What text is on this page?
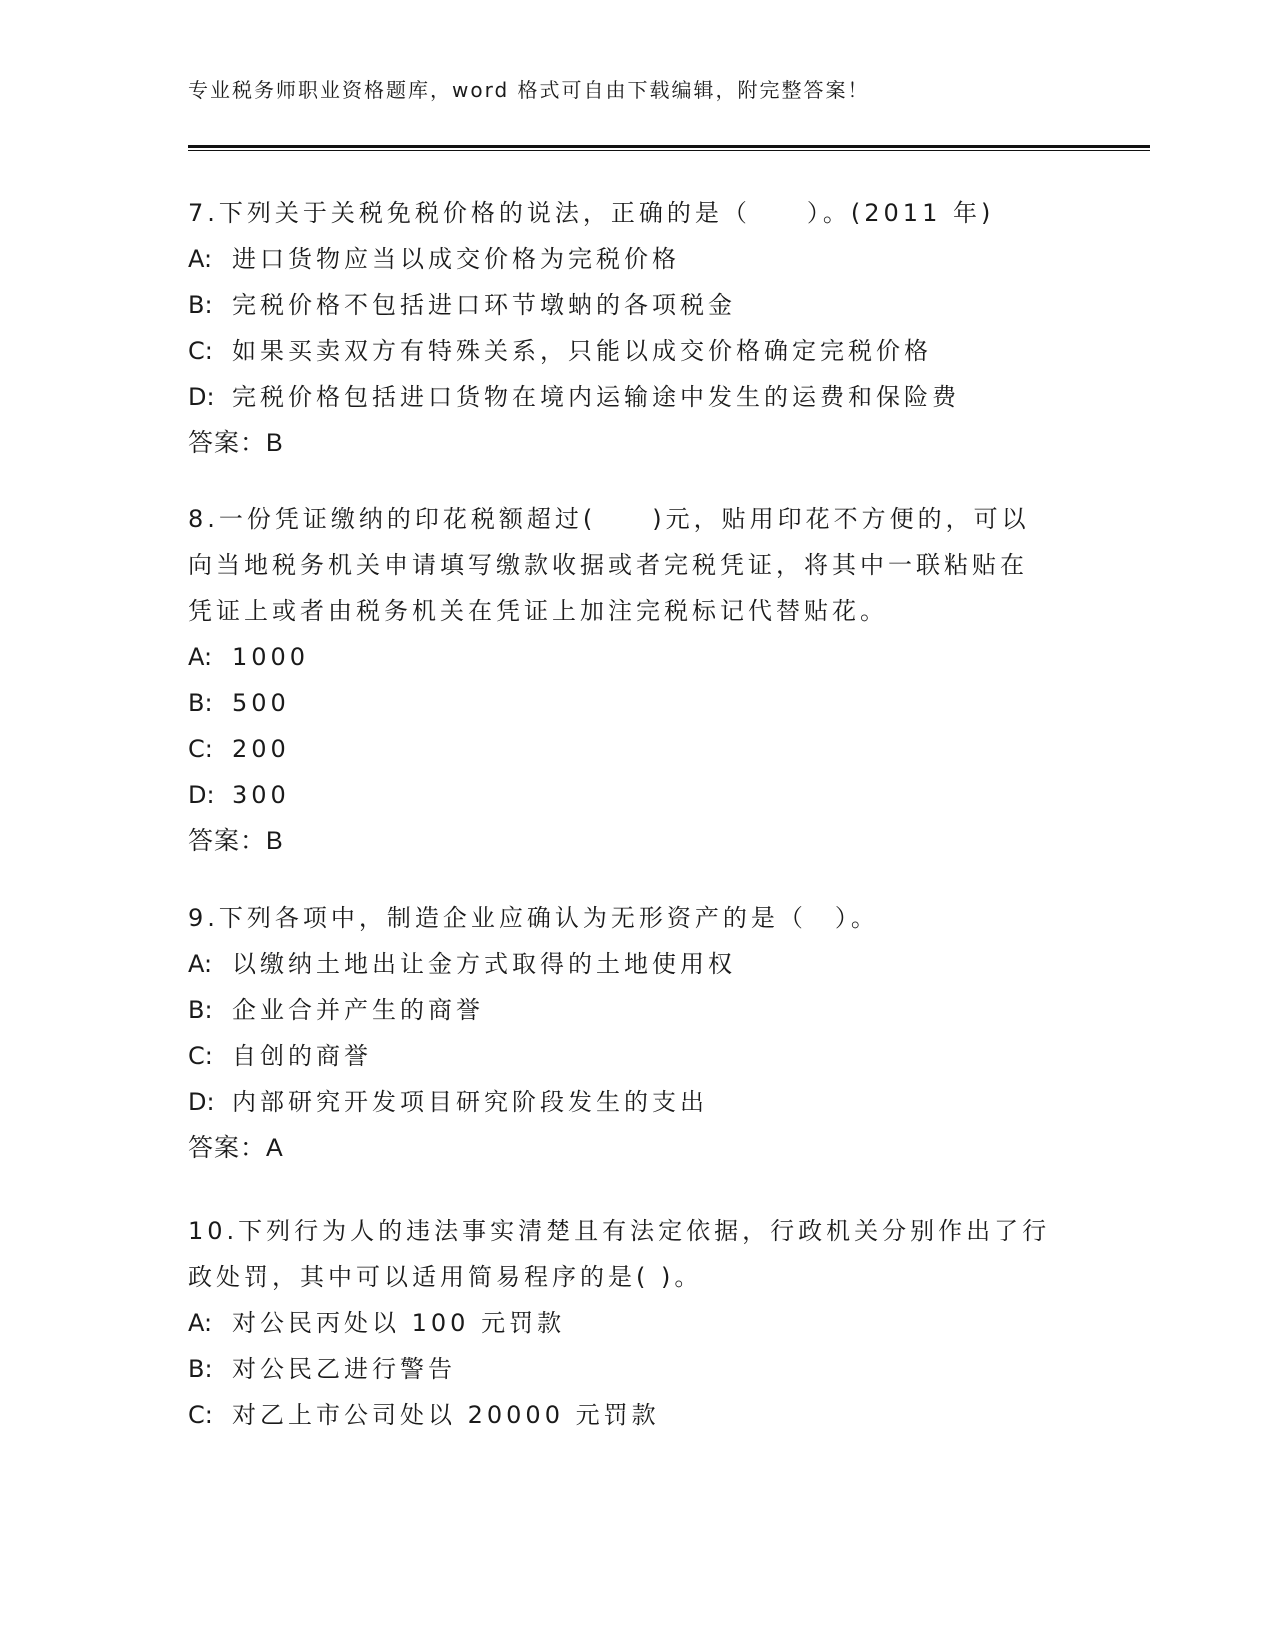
专业税务师职业资格题库，word 格式可自由下载编辑，附完整答案！
7.下列关于关税免税价格的说法，正确的是（　　）。(2011 年)
A: 进口货物应当以成交价格为完税价格
B: 完税价格不包括进口环节墩蚋的各项税金
C: 如果买卖双方有特殊关系，只能以成交价格确定完税价格
D: 完税价格包括进口货物在境内运输途中发生的运费和保险费
答案：B
8.一份凭证缴纳的印花税额超过(　　)元，贴用印花不方便的，可以
向当地税务机关申请填写缴款收据或者完税凭证，将其中一联粘贴在
凭证上或者由税务机关在凭证上加注完税标记代替贴花。
A: 1000
B: 500
C: 200
D: 300
答案：B
9.下列各项中，制造企业应确认为无形资产的是（　）。
A: 以缴纳土地出让金方式取得的土地使用权
B: 企业合并产生的商誉
C: 自创的商誉
D: 内部研究开发项目研究阶段发生的支出
答案：A
10.下列行为人的违法事实清楚且有法定依据，行政机关分别作出了行
政处罚，其中可以适用简易程序的是( )。
A: 对公民丙处以 100 元罚款
B: 对公民乙进行警告
C: 对乙上市公司处以 20000 元罚款
